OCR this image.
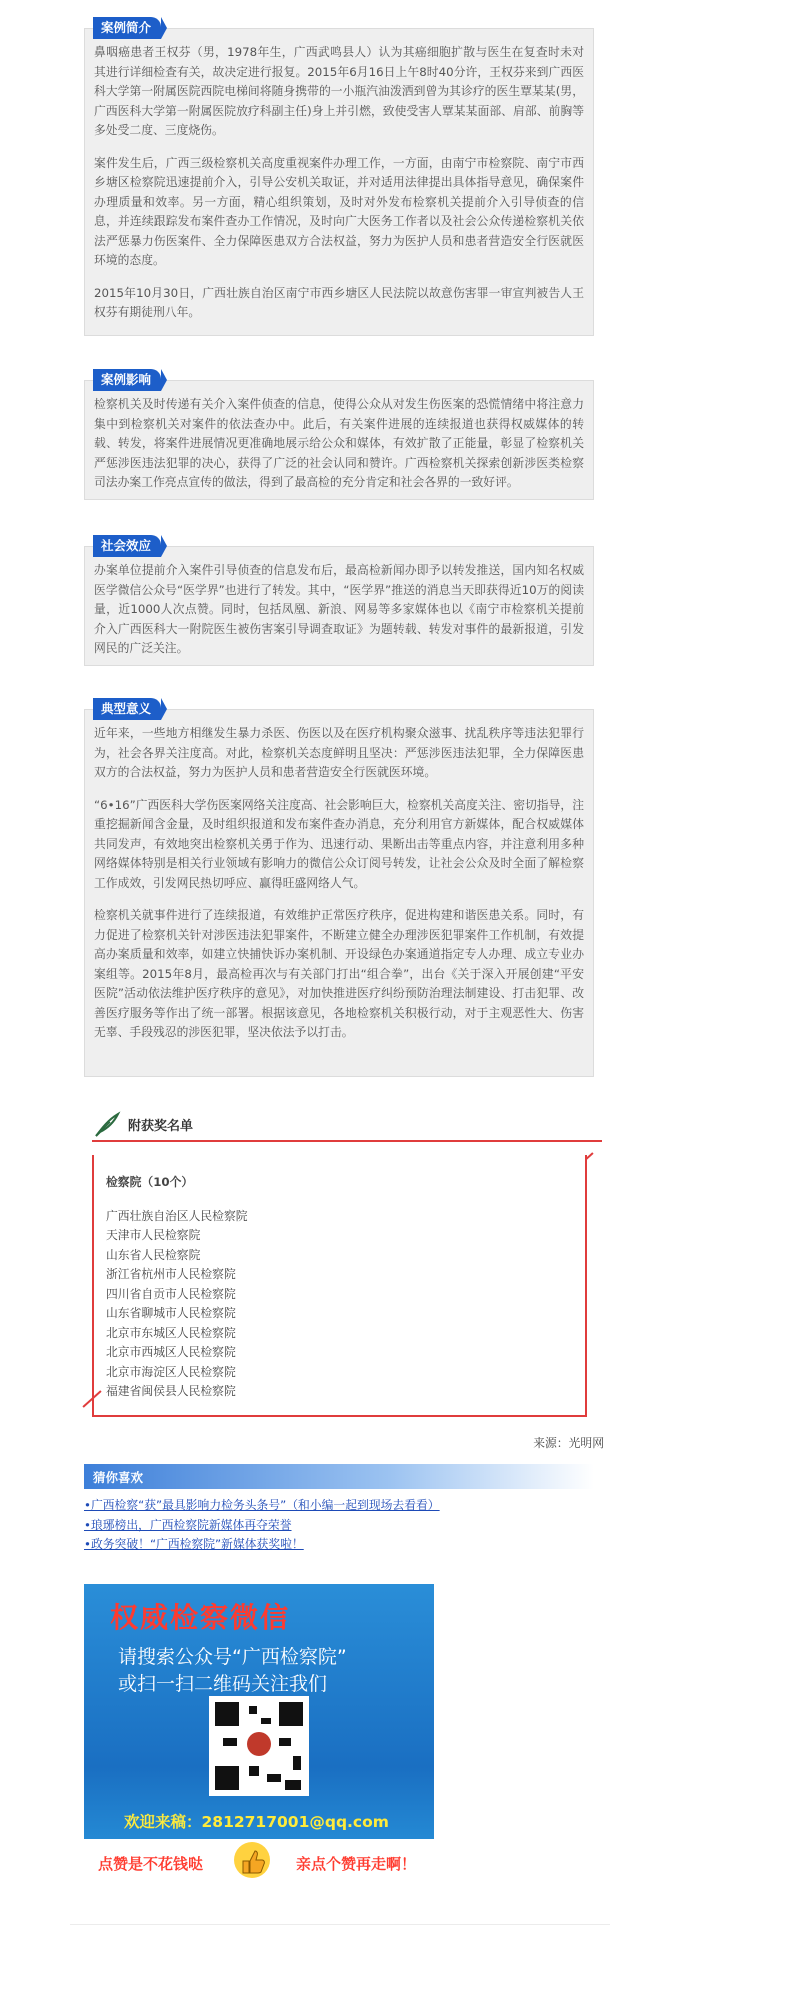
案例简介

鼻咽癌患者王权芬（男，1978年生，广西武鸣县人）认为其癌细胞扩散与医生在复查时未对其进行详细检查有关，故决定进行报复。2015年6月16日上午8时40分许，王权芬来到广西医科大学第一附属医院西院电梯间将随身携带的一小瓶汽油泼洒到曾为其诊疗的医生覃某某(男，广西医科大学第一附属医院放疗科副主任)身上并引燃，致使受害人覃某某面部、肩部、前胸等多处受二度、三度烧伤。

案件发生后，广西三级检察机关高度重视案件办理工作，一方面，由南宁市检察院、南宁市西乡塘区检察院迅速提前介入，引导公安机关取证，并对适用法律提出具体指导意见，确保案件办理质量和效率。另一方面，精心组织策划，及时对外发布检察机关提前介入引导侦查的信息，并连续跟踪发布案件查办工作情况，及时向广大医务工作者以及社会公众传递检察机关依法严惩暴力伤医案件、全力保障医患双方合法权益，努力为医护人员和患者营造安全行医就医环境的态度。

2015年10月30日，广西壮族自治区南宁市西乡塘区人民法院以故意伤害罪一审宣判被告人王权芬有期徒刑八年。

案例影响

检察机关及时传递有关介入案件侦查的信息，使得公众从对发生伤医案的恐慌情绪中将注意力集中到检察机关对案件的依法查办中。此后，有关案件进展的连续报道也获得权威媒体的转载、转发，将案件进展情况更准确地展示给公众和媒体，有效扩散了正能量，彰显了检察机关严惩涉医违法犯罪的决心，获得了广泛的社会认同和赞许。广西检察机关探索创新涉医类检察司法办案工作亮点宣传的做法，得到了最高检的充分肯定和社会各界的一致好评。

社会效应

办案单位提前介入案件引导侦查的信息发布后，最高检新闻办即予以转发推送，国内知名权威医学微信公众号“医学界”也进行了转发。其中，“医学界”推送的消息当天即获得近10万的阅读量，近1000人次点赞。同时，包括凤凰、新浪、网易等多家媒体也以《南宁市检察机关提前介入广西医科大一附院医生被伤害案引导调查取证》为题转载、转发对事件的最新报道，引发网民的广泛关注。

典型意义

近年来，一些地方相继发生暴力杀医、伤医以及在医疗机构聚众滋事、扰乱秩序等违法犯罪行为，社会各界关注度高。对此，检察机关态度鲜明且坚决：严惩涉医违法犯罪，全力保障医患双方的合法权益，努力为医护人员和患者营造安全行医就医环境。

“6•16”广西医科大学伤医案网络关注度高、社会影响巨大，检察机关高度关注、密切指导，注重挖掘新闻含金量，及时组织报道和发布案件查办消息，充分利用官方新媒体，配合权威媒体共同发声，有效地突出检察机关勇于作为、迅速行动、果断出击等重点内容，并注意利用多种网络媒体特别是相关行业领域有影响力的微信公众订阅号转发，让社会公众及时全面了解检察工作成效，引发网民热切呼应、赢得旺盛网络人气。

检察机关就事件进行了连续报道，有效维护正常医疗秩序，促进构建和谐医患关系。同时，有力促进了检察机关针对涉医违法犯罪案件，不断建立健全办理涉医犯罪案件工作机制，有效提高办案质量和效率，如建立快捕快诉办案机制、开设绿色办案通道指定专人办理、成立专业办案组等。2015年8月，最高检再次与有关部门打出“组合拳”，出台《关于深入开展创建“平安医院”活动依法维护医疗秩序的意见》，对加快推进医疗纠纷预防治理法制建设、打击犯罪、改善医疗服务等作出了统一部署。根据该意见，各地检察机关积极行动，对于主观恶性大、伤害无辜、手段残忍的涉医犯罪，坚决依法予以打击。

附获奖名单
检察院（10个）
广西壮族自治区人民检察院
天津市人民检察院
山东省人民检察院
浙江省杭州市人民检察院
四川省自贡市人民检察院
山东省聊城市人民检察院
北京市东城区人民检察院
北京市西城区人民检察院
北京市海淀区人民检察院
福建省闽侯县人民检察院
来源：光明网
猜你喜欢
•广西检察“获”最具影响力检务头条号”（和小编一起到现场去看看）
•琅琊榜出，广西检察院新媒体再夺荣誉
•政务突破！“广西检察院”新媒体获奖啦！
权威检察微信
请搜索公众号“广西检察院”
或扫一扫二维码关注我们
欢迎来稿：2812717001@qq.com
点赞是不花钱哒	亲点个赞再走啊！
